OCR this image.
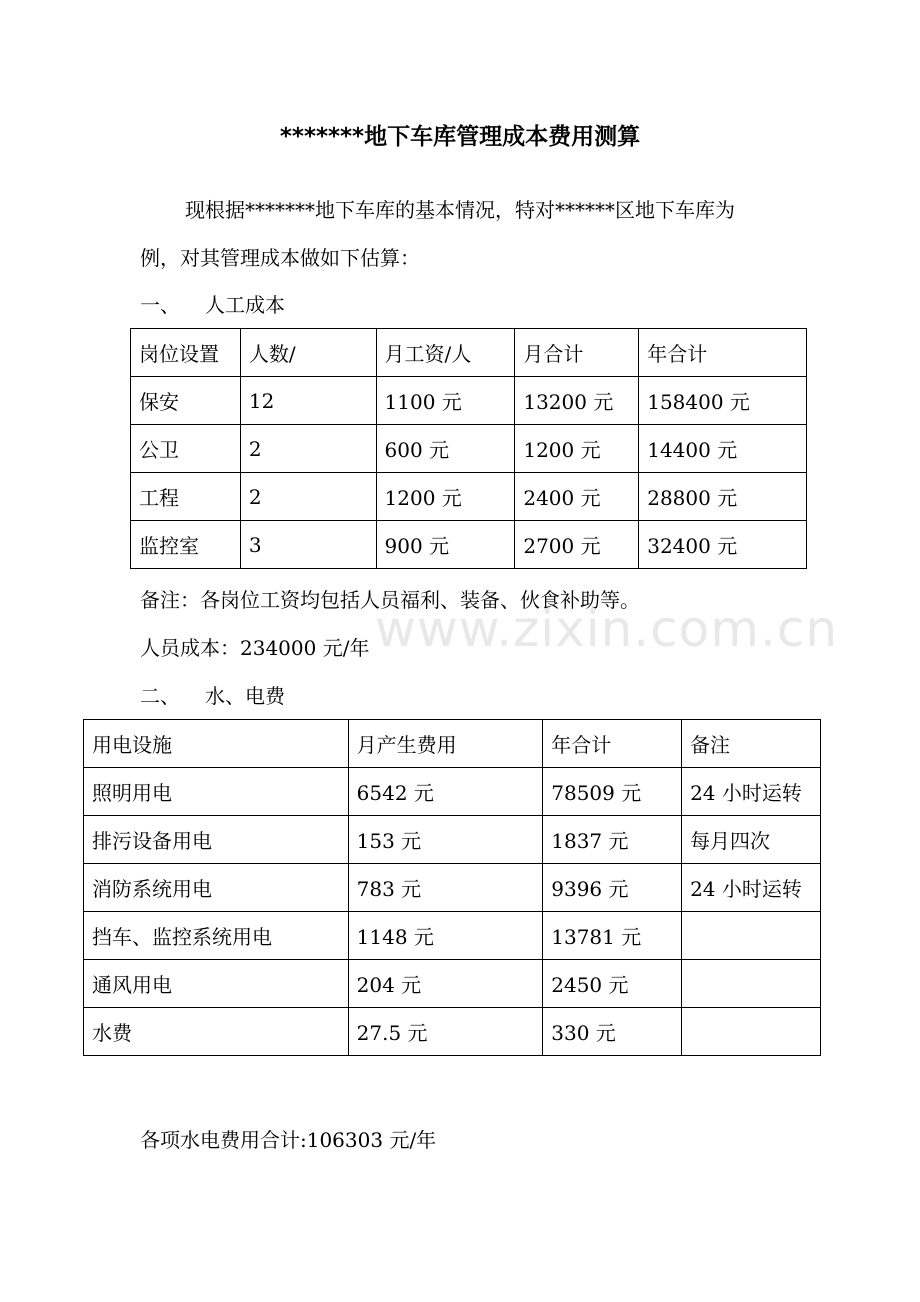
*******地下车库管理成本费用测算
现根据*******地下车库的基本情况，特对******区地下车库为
例，对其管理成本做如下估算：
一、 人工成本
岗位设置	人数/	月工资/人	月合计	年合计
保安	12	1100 元	13200 元	158400 元
公卫	2	600 元	1200 元	14400 元
工程	2	1200 元	2400 元	28800 元
监控室	3	900 元	2700 元	32400 元
备注：各岗位工资均包括人员福利、装备、伙食补助等。
人员成本：234000 元/年 www.zixin.com.cn
二、 水、电费
用电设施	月产生费用	年合计	备注
照明用电	6542 元	78509 元	24 小时运转
排污设备用电	153 元	1837 元	每月四次
消防系统用电	783 元	9396 元	24 小时运转
挡车、监控系统用电	1148 元	13781 元	
通风用电	204 元	2450 元	
水费	27.5 元	330 元	
各项水电费用合计:106303 元/年
